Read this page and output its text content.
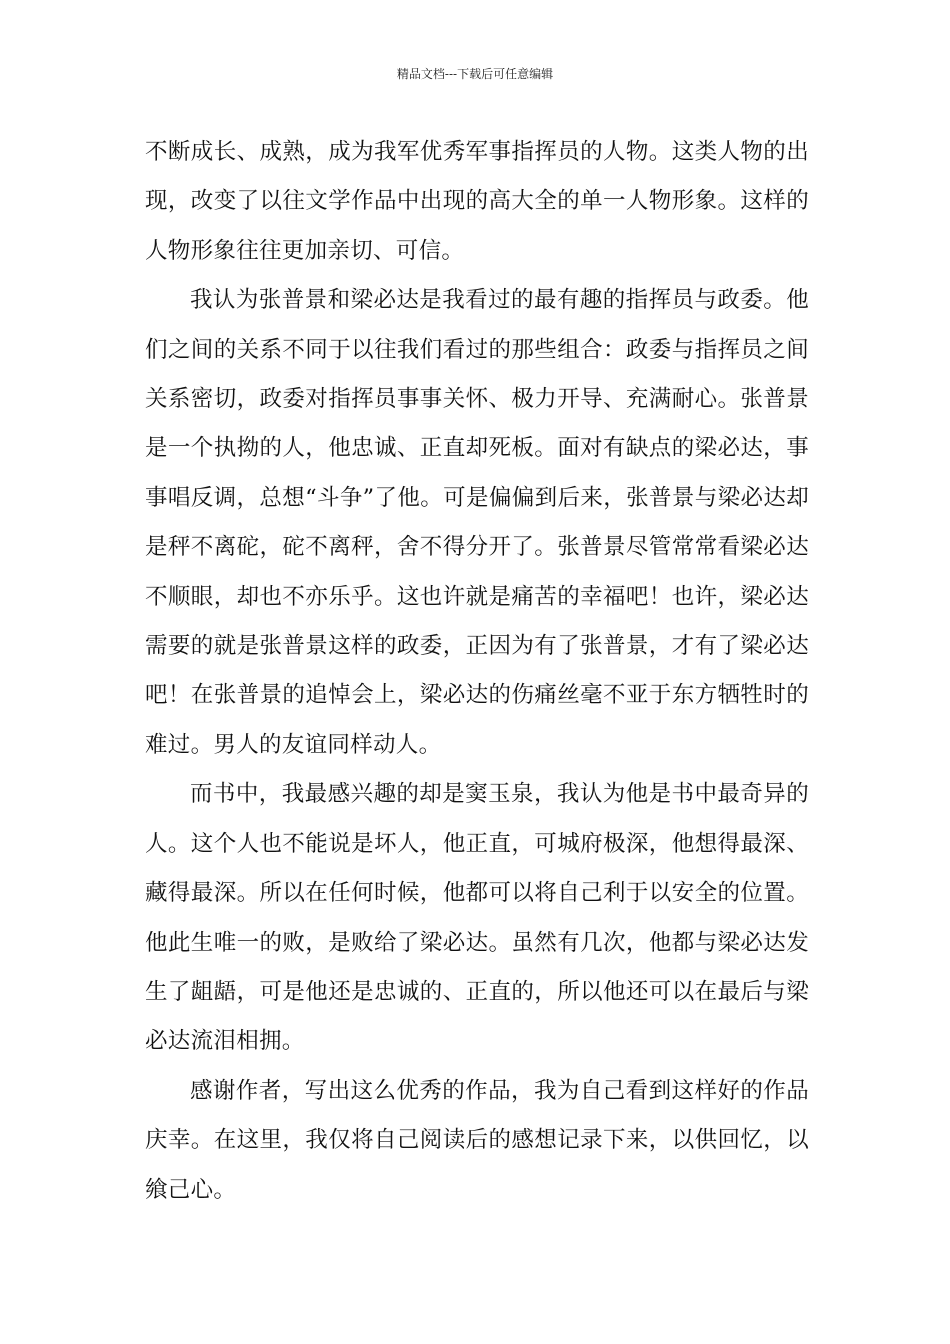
精品文档---下载后可任意编辑

不断成长、成熟，成为我军优秀军事指挥员的人物。这类人物的出现，改变了以往文学作品中出现的高大全的单一人物形象。这样的人物形象往往更加亲切、可信。

我认为张普景和梁必达是我看过的最有趣的指挥员与政委。他们之间的关系不同于以往我们看过的那些组合：政委与指挥员之间关系密切，政委对指挥员事事关怀、极力开导、充满耐心。张普景是一个执拗的人，他忠诚、正直却死板。面对有缺点的梁必达，事事唱反调，总想“斗争”了他。可是偏偏到后来，张普景与梁必达却是秤不离砣，砣不离秤，舍不得分开了。张普景尽管常常看梁必达不顺眼，却也不亦乐乎。这也许就是痛苦的幸福吧！也许，梁必达需要的就是张普景这样的政委，正因为有了张普景，才有了梁必达吧！在张普景的追悼会上，梁必达的伤痛丝毫不亚于东方牺牲时的难过。男人的友谊同样动人。

而书中，我最感兴趣的却是窦玉泉，我认为他是书中最奇异的人。这个人也不能说是坏人，他正直，可城府极深，他想得最深、藏得最深。所以在任何时候，他都可以将自己利于以安全的位置。他此生唯一的败，是败给了梁必达。虽然有几次，他都与梁必达发生了龃龉，可是他还是忠诚的、正直的，所以他还可以在最后与梁必达流泪相拥。

感谢作者，写出这么优秀的作品，我为自己看到这样好的作品庆幸。在这里，我仅将自己阅读后的感想记录下来，以供回忆，以飨己心。
